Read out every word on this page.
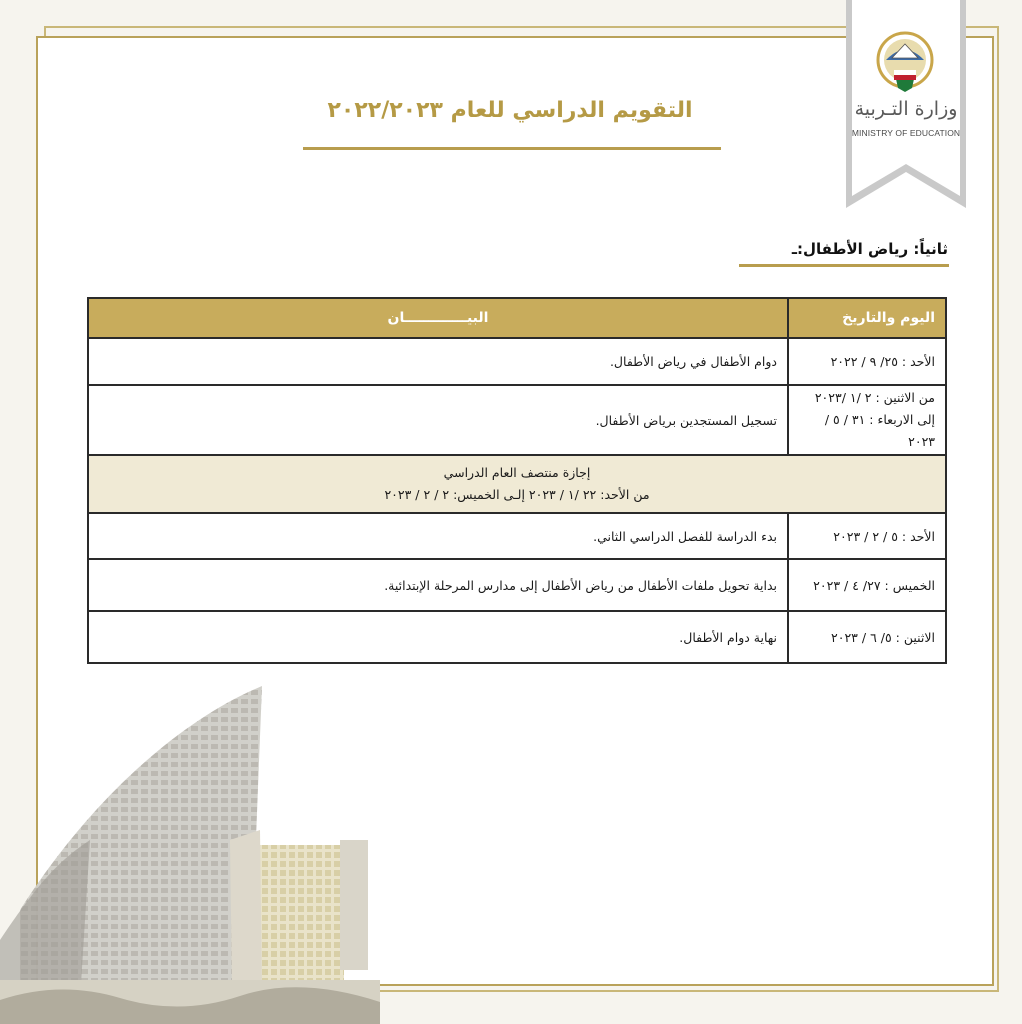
وزارة التـربية
MINISTRY OF EDUCATION
التقويم الدراسي للعام ٢٠٢٢/٢٠٢٣
ثانياً: رياض الأطفال:ـ
اليوم والتاريخ	البيـــــــــــــان
الأحد : ٢٥/ ٩ / ٢٠٢٢	دوام الأطفال في رياض الأطفال.

من الاثنين : ٢ /١ /٢٠٢٣
إلى الاربعاء : ٣١ / ٥ / ٢٠٢٣	تسجيل المستجدين برياض الأطفال.

إجازة منتصف العام الدراسي
من الأحد: ٢٢ /١ / ٢٠٢٣ إلـى الخميس: ٢ / ٢ / ٢٠٢٣	

الأحد : ٥ / ٢ / ٢٠٢٣	بدء الدراسة للفصل الدراسي الثاني.
الخميس : ٢٧/ ٤ / ٢٠٢٣	بداية تحويل ملفات الأطفال من رياض الأطفال إلى مدارس المرحلة الإبتدائية.
الاثنين : ٥/ ٦ / ٢٠٢٣	نهاية دوام الأطفال.
